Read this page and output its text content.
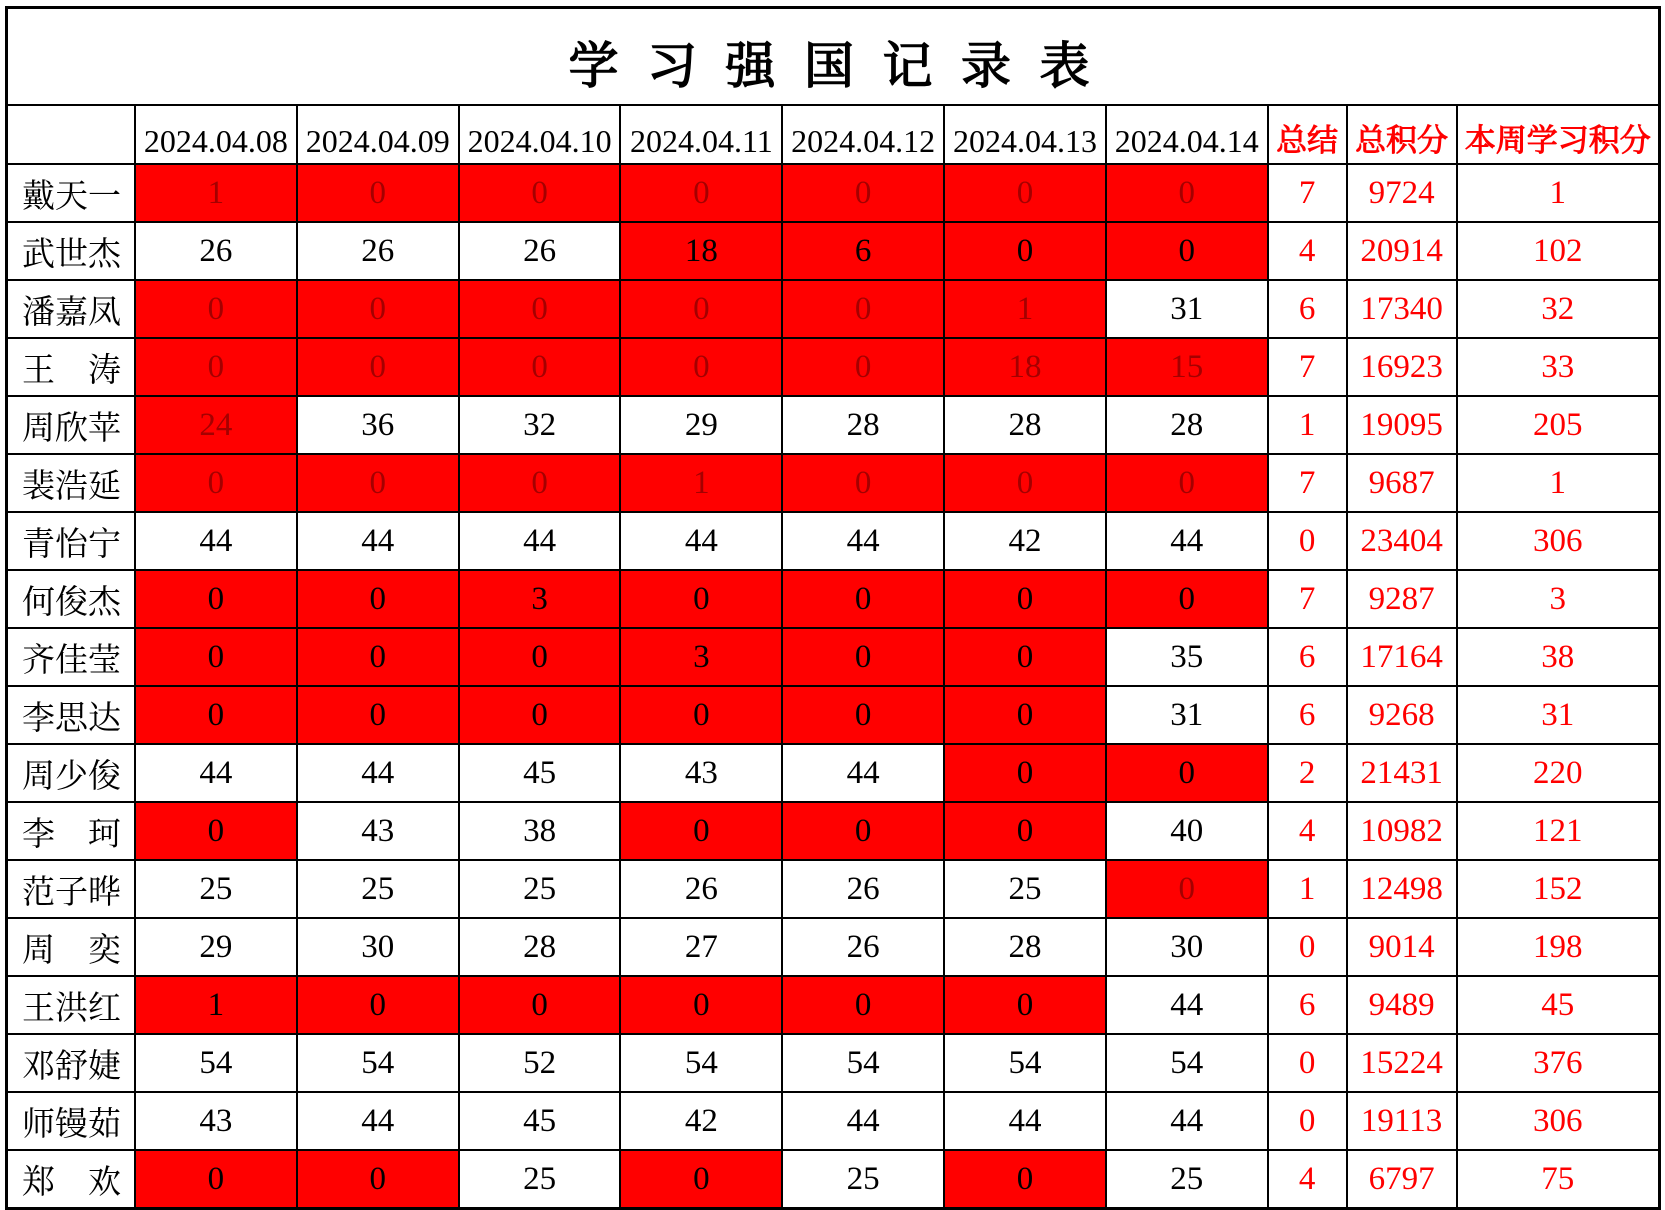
学 习 强 国 记 录 表										
	2024.04.08	2024.04.09	2024.04.10	2024.04.11	2024.04.12	2024.04.13	2024.04.14	总结	总积分	本周学习积分
戴天一	1	0	0	0	0	0	0	7	9724	1
武世杰	26	26	26	18	6	0	0	4	20914	102
潘嘉凤	0	0	0	0	0	1	31	6	17340	32
王涛	0	0	0	0	0	18	15	7	16923	33
周欣苹	24	36	32	29	28	28	28	1	19095	205
裴浩延	0	0	0	1	0	0	0	7	9687	1
青怡宁	44	44	44	44	44	42	44	0	23404	306
何俊杰	0	0	3	0	0	0	0	7	9287	3
齐佳莹	0	0	0	3	0	0	35	6	17164	38
李思达	0	0	0	0	0	0	31	6	9268	31
周少俊	44	44	45	43	44	0	0	2	21431	220
李珂	0	43	38	0	0	0	40	4	10982	121
范子晔	25	25	25	26	26	25	0	1	12498	152
周奕	29	30	28	27	26	28	30	0	9014	198
王洪红	1	0	0	0	0	0	44	6	9489	45
邓舒婕	54	54	52	54	54	54	54	0	15224	376
师镘茹	43	44	45	42	44	44	44	0	19113	306
郑欢	0	0	25	0	25	0	25	4	6797	75
